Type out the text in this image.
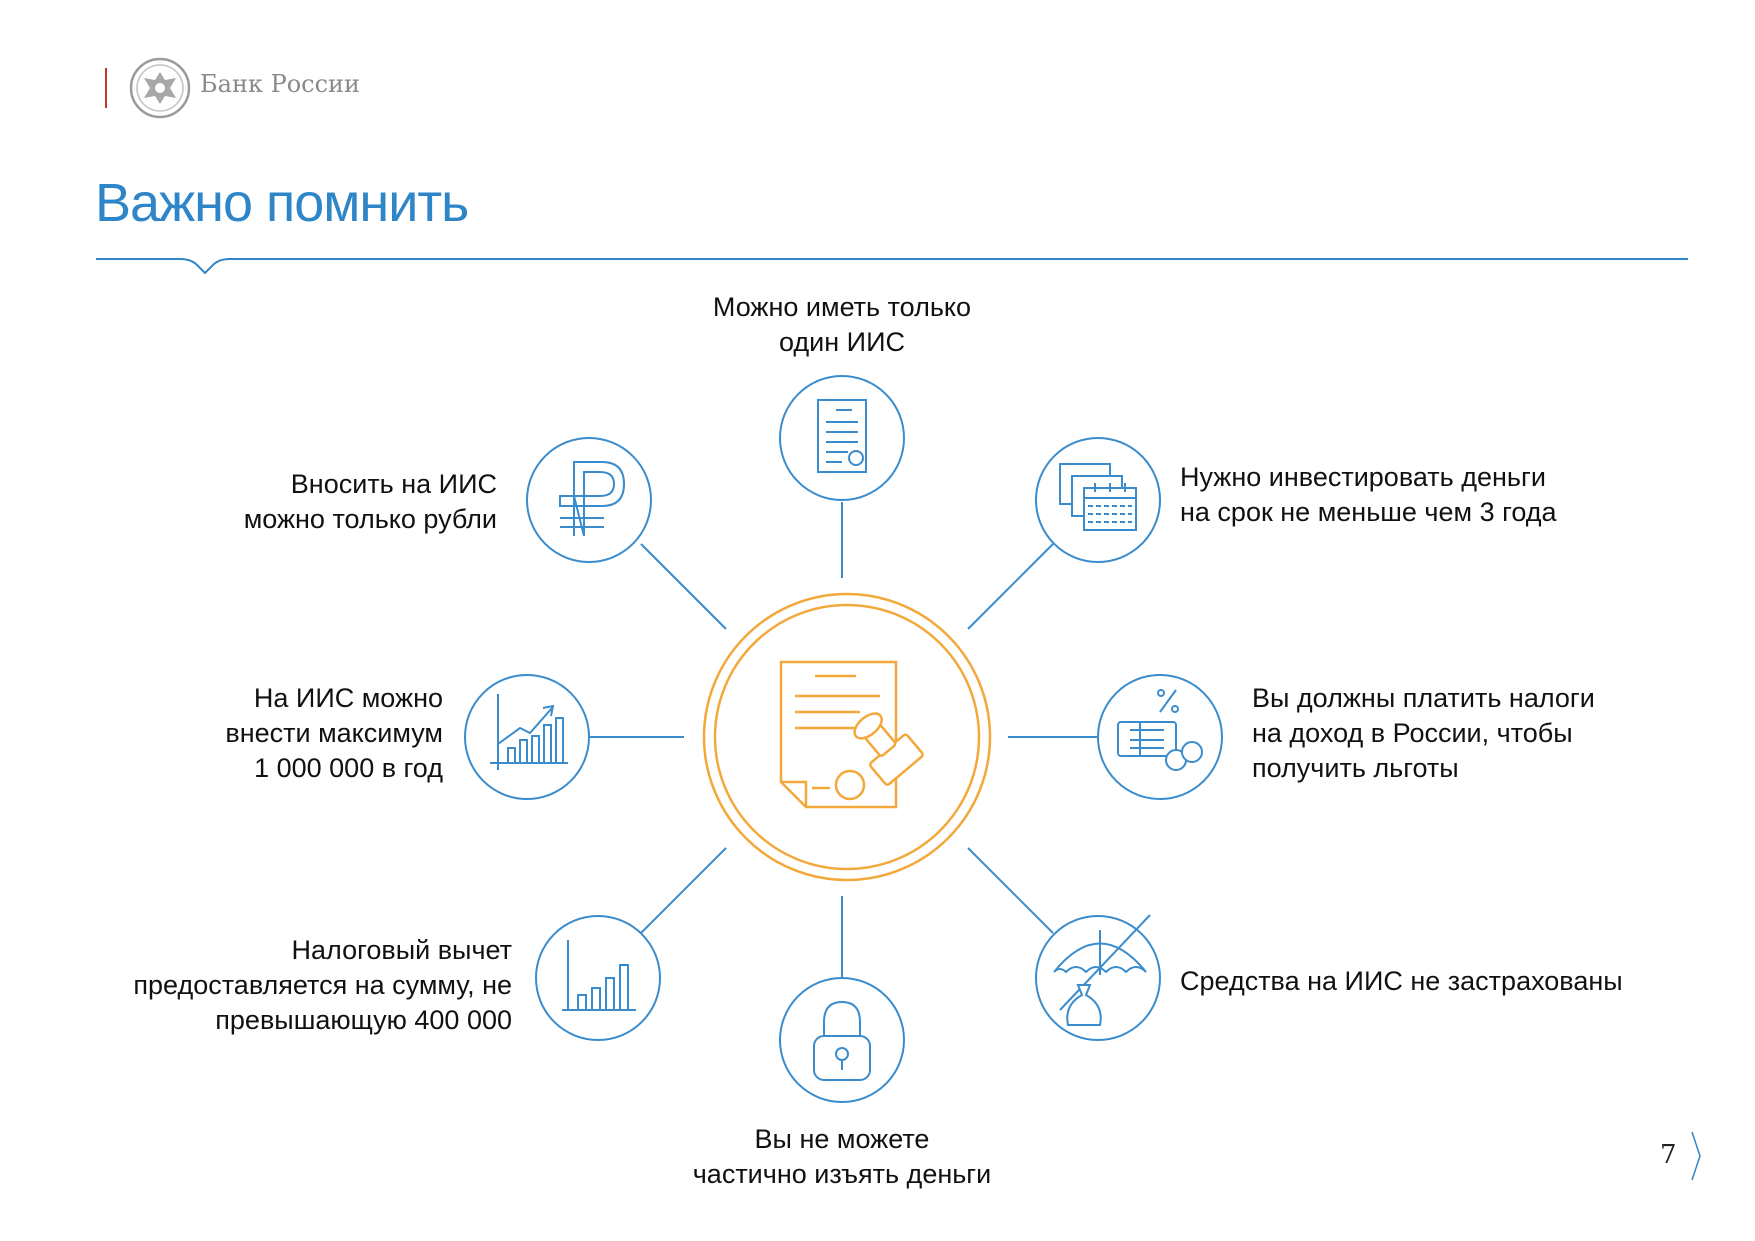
Банк России
Важно помнить
Можно иметь только
один ИИС
Нужно инвестировать деньги
на срок не меньше чем 3 года
Вы должны платить налоги
на доход в России, чтобы
получить льготы
Средства на ИИС не застрахованы
Вы не можете
частично изъять деньги
Налоговый вычет
предоставляется на сумму, не
превышающую 400 000
На ИИС можно
внести максимум
1 000 000 в год
Вносить на ИИС
можно только рубли
7
